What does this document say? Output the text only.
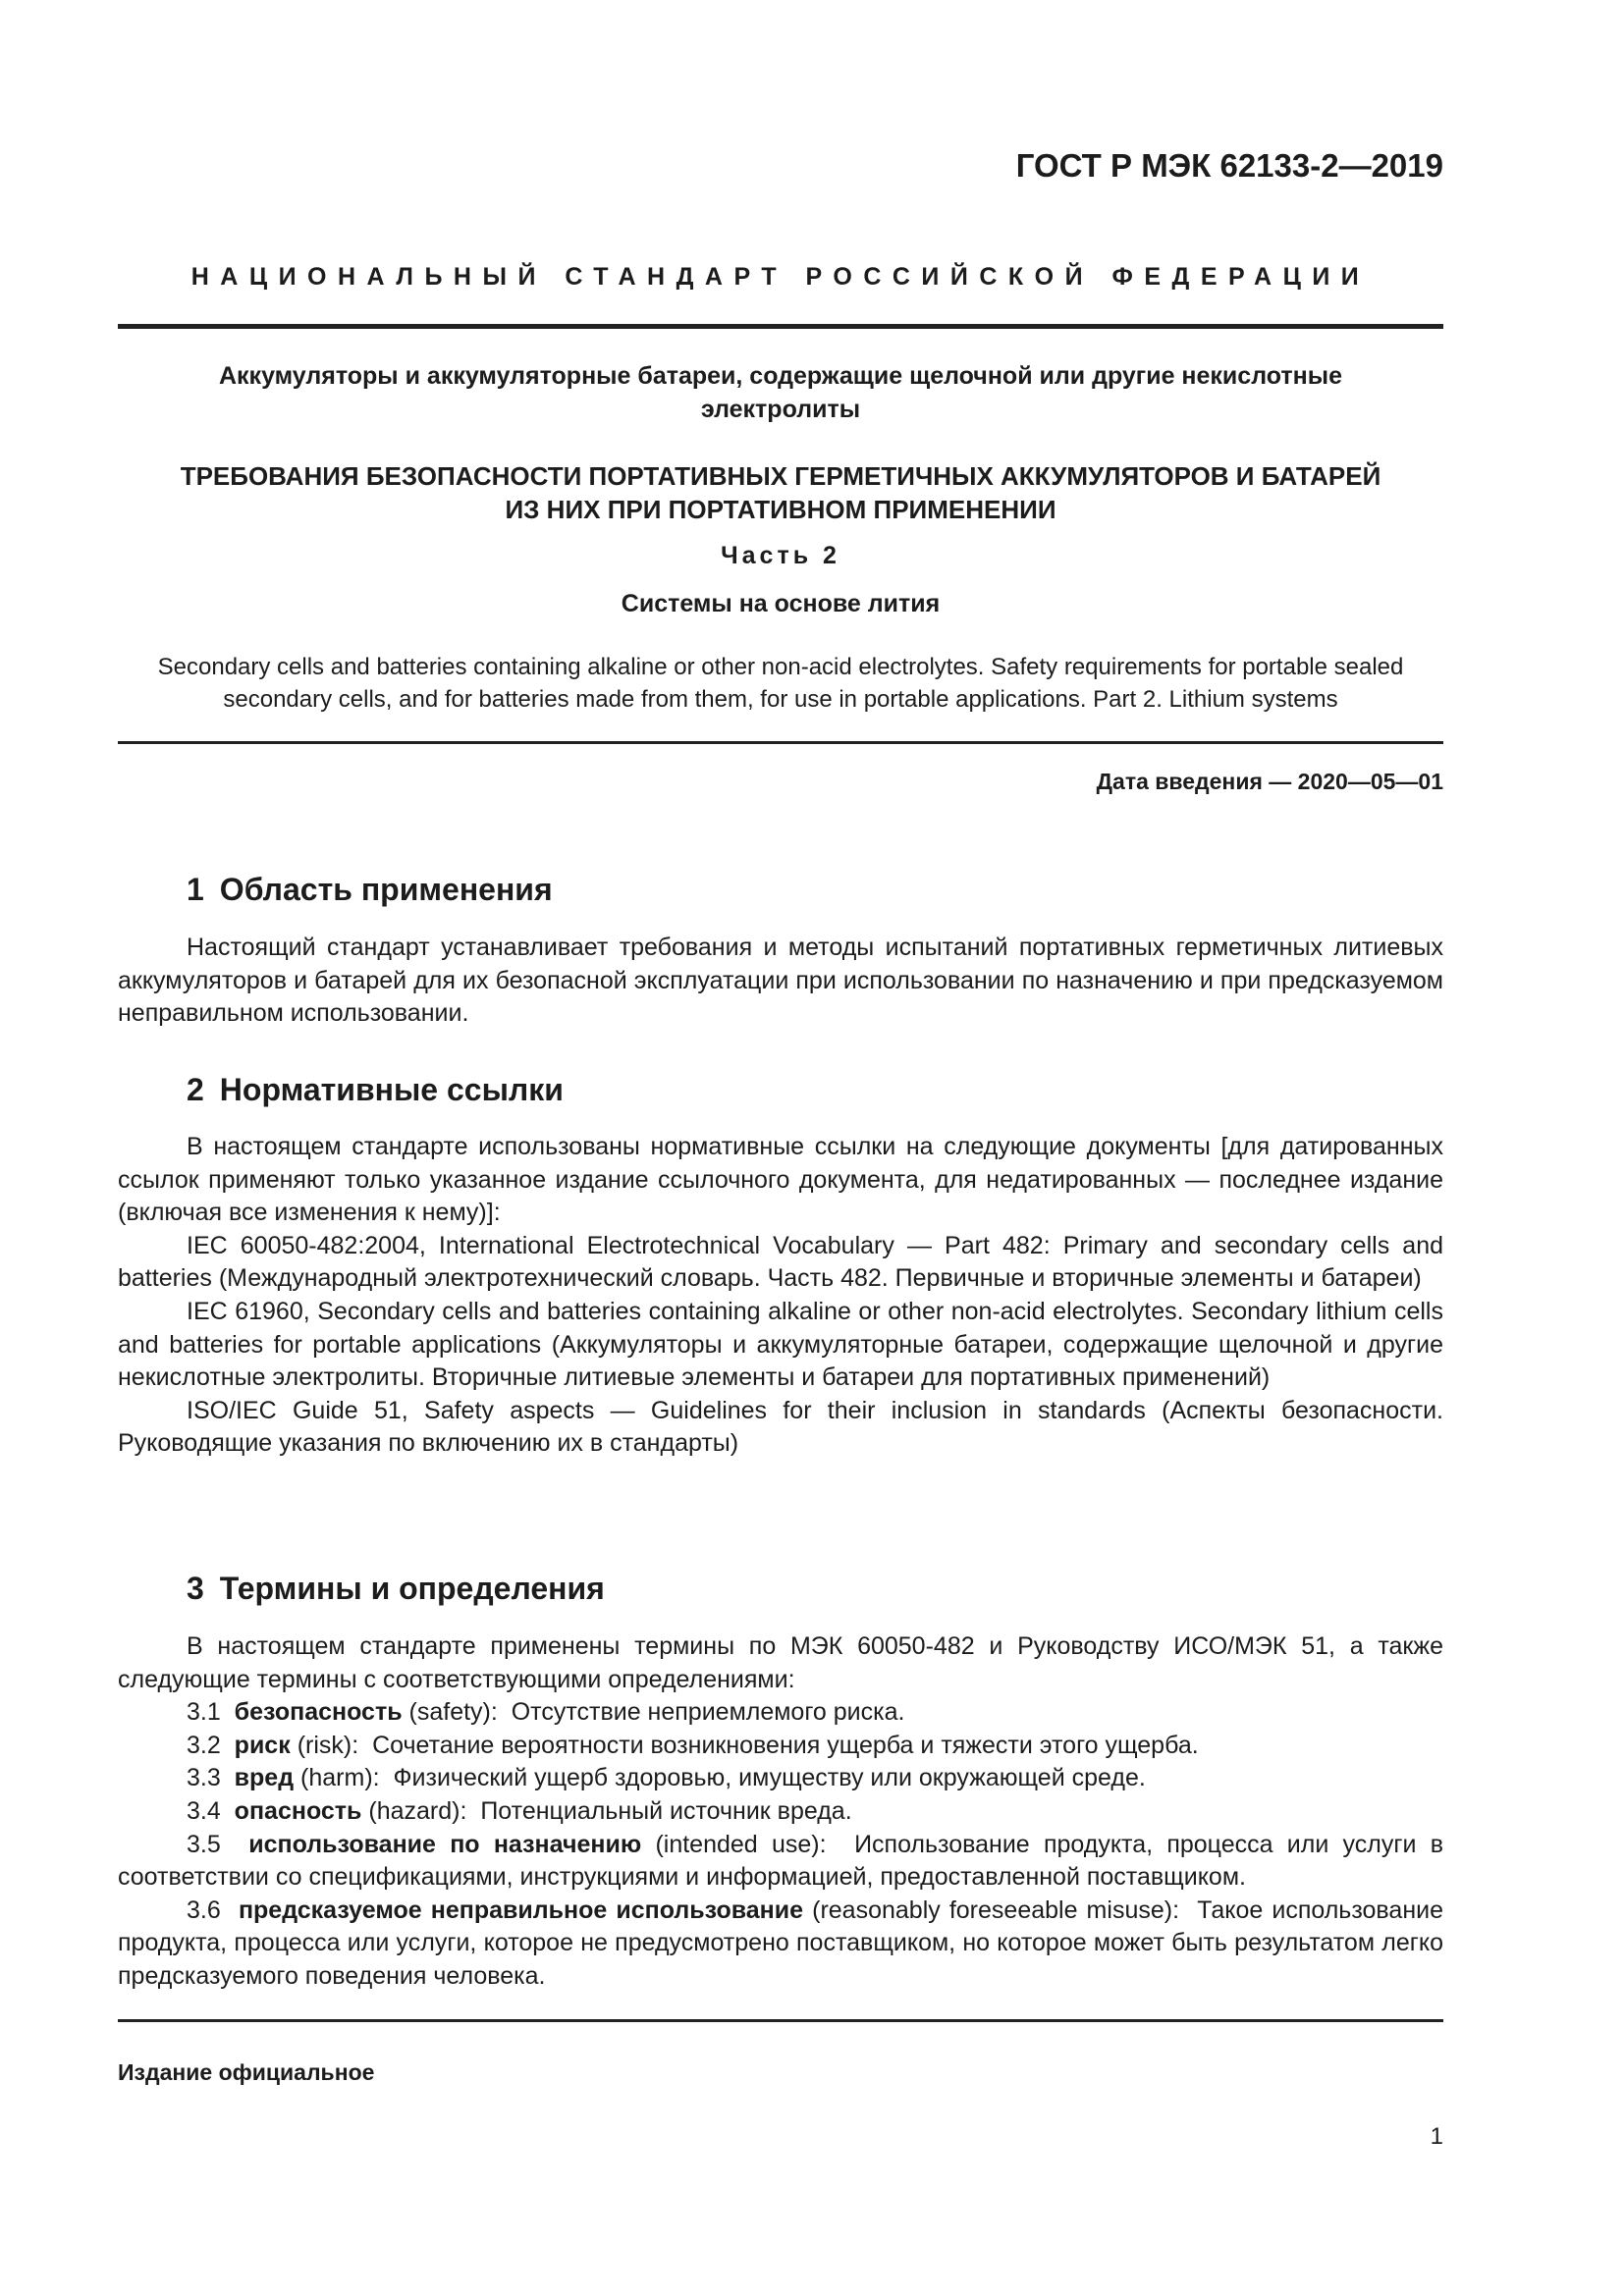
ГОСТ Р МЭК 62133-2—2019
НАЦИОНАЛЬНЫЙ СТАНДАРТ РОССИЙСКОЙ ФЕДЕРАЦИИ
Аккумуляторы и аккумуляторные батареи, содержащие щелочной или другие некислотные
электролиты
ТРЕБОВАНИЯ БЕЗОПАСНОСТИ ПОРТАТИВНЫХ ГЕРМЕТИЧНЫХ АККУМУЛЯТОРОВ И БАТАРЕЙ
ИЗ НИХ ПРИ ПОРТАТИВНОМ ПРИМЕНЕНИИ
Часть 2
Системы на основе лития
Secondary cells and batteries containing alkaline or other non-acid electrolytes. Safety requirements for portable sealed
secondary cells, and for batteries made from them, for use in portable applications. Part 2. Lithium systems
Дата введения — 2020—05—01
1 Область применения

Настоящий стандарт устанавливает требования и методы испытаний портативных герметичных литиевых аккумуляторов и батарей для их безопасной эксплуатации при использовании по назначению и при предсказуемом неправильном использовании.

2 Нормативные ссылки

В настоящем стандарте использованы нормативные ссылки на следующие документы [для датированных ссылок применяют только указанное издание ссылочного документа, для недатированных — последнее издание (включая все изменения к нему)]:

IEC 60050-482:2004, International Electrotechnical Vocabulary — Part 482: Primary and secondary cells and batteries (Международный электротехнический словарь. Часть 482. Первичные и вторичные элементы и батареи)

IEC 61960, Secondary cells and batteries containing alkaline or other non-acid electrolytes. Secondary lithium cells and batteries for portable applications (Аккумуляторы и аккумуляторные батареи, содержащие щелочной и другие некислотные электролиты. Вторичные литиевые элементы и батареи для портативных применений)

ISO/IEC Guide 51, Safety aspects — Guidelines for their inclusion in standards (Аспекты безопасности. Руководящие указания по включению их в стандарты)

3 Термины и определения

В настоящем стандарте применены термины по МЭК 60050-482 и Руководству ИСО/МЭК 51, а также следующие термины с соответствующими определениями:

3.1 безопасность (safety): Отсутствие неприемлемого риска.

3.2 риск (risk): Сочетание вероятности возникновения ущерба и тяжести этого ущерба.

3.3 вред (harm): Физический ущерб здоровью, имуществу или окружающей среде.

3.4 опасность (hazard): Потенциальный источник вреда.

3.5 использование по назначению (intended use): Использование продукта, процесса или услуги в соответствии со спецификациями, инструкциями и информацией, предоставленной поставщиком.

3.6 предсказуемое неправильное использование (reasonably foreseeable misuse): Такое использование продукта, процесса или услуги, которое не предусмотрено поставщиком, но которое может быть результатом легко предсказуемого поведения человека.

Издание официальное
1
